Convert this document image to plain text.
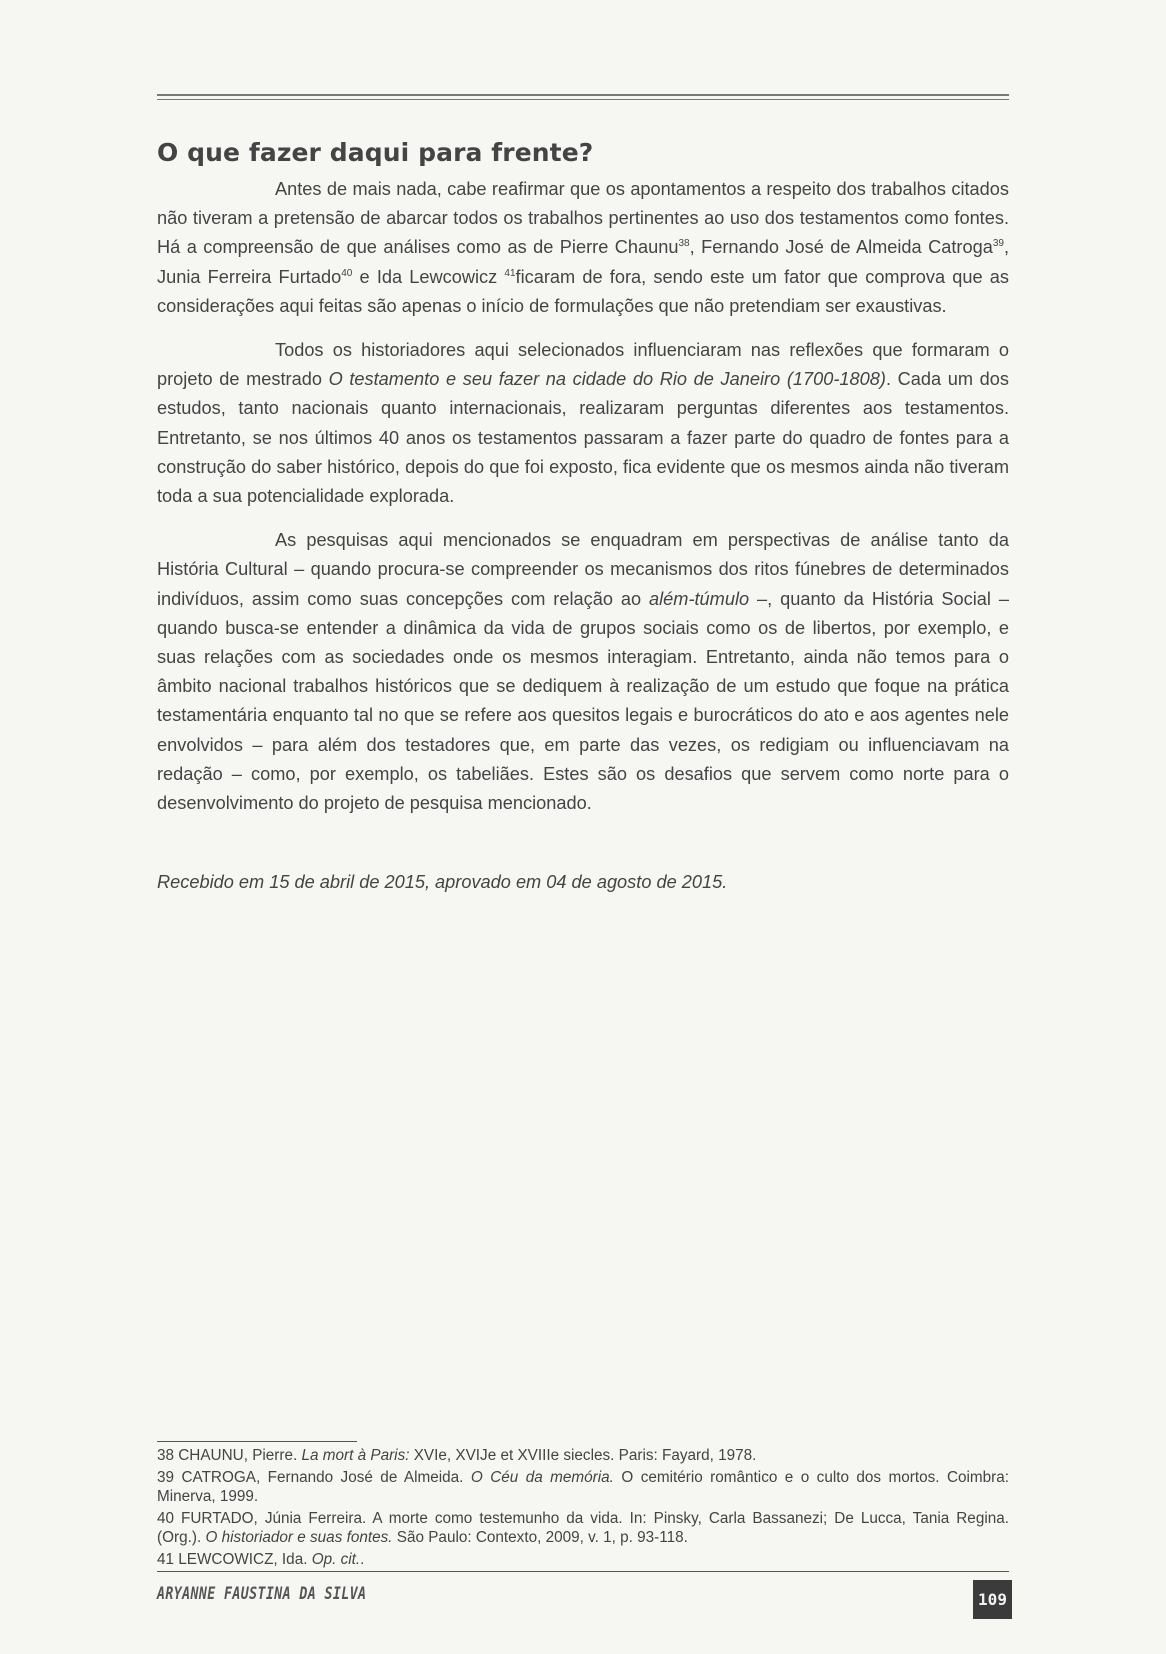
O que fazer daqui para frente?

Antes de mais nada, cabe reafirmar que os apontamentos a respeito dos trabalhos citados não tiveram a pretensão de abarcar todos os trabalhos pertinentes ao uso dos testamentos como fontes. Há a compreensão de que análises como as de Pierre Chaunu$^{38}$, Fernando José de Almeida Catroga$^{39}$, Junia Ferreira Furtado$^{40}$ e Ida Lewcowicz $^{41}$ficaram de fora, sendo este um fator que comprova que as considerações aqui feitas são apenas o início de formulações que não pretendiam ser exaustivas.

Todos os historiadores aqui selecionados influenciaram nas reflexões que formaram o projeto de mestrado O testamento e seu fazer na cidade do Rio de Janeiro (1700-1808). Cada um dos estudos, tanto nacionais quanto internacionais, realizaram perguntas diferentes aos testamentos. Entretanto, se nos últimos 40 anos os testamentos passaram a fazer parte do quadro de fontes para a construção do saber histórico, depois do que foi exposto, fica evidente que os mesmos ainda não tiveram toda a sua potencialidade explorada.

As pesquisas aqui mencionados se enquadram em perspectivas de análise tanto da História Cultural – quando procura-se compreender os mecanismos dos ritos fúnebres de determinados indivíduos, assim como suas concepções com relação ao além-túmulo –, quanto da História Social – quando busca-se entender a dinâmica da vida de grupos sociais como os de libertos, por exemplo, e suas relações com as sociedades onde os mesmos interagiam. Entretanto, ainda não temos para o âmbito nacional trabalhos históricos que se dediquem à realização de um estudo que foque na prática testamentária enquanto tal no que se refere aos quesitos legais e burocráticos do ato e aos agentes nele envolvidos – para além dos testadores que, em parte das vezes, os redigiam ou influenciavam na redação – como, por exemplo, os tabeliães. Estes são os desafios que servem como norte para o desenvolvimento do projeto de pesquisa mencionado.

Recebido em 15 de abril de 2015, aprovado em 04 de agosto de 2015.

38 CHAUNU, Pierre. La mort à Paris: XVIe, XVIJe et XVIIIe siecles. Paris: Fayard, 1978.

39 CATROGA, Fernando José de Almeida. O Céu da memória. O cemitério romântico e o culto dos mortos. Coimbra: Minerva, 1999.

40 FURTADO, Júnia Ferreira. A morte como testemunho da vida. In: Pinsky, Carla Bassanezi; De Lucca, Tania Regina. (Org.). O historiador e suas fontes. São Paulo: Contexto, 2009, v. 1, p. 93-118.

41 LEWCOWICZ, Ida. Op. cit..

ARYANNE FAUSTINA DA SILVA	109
